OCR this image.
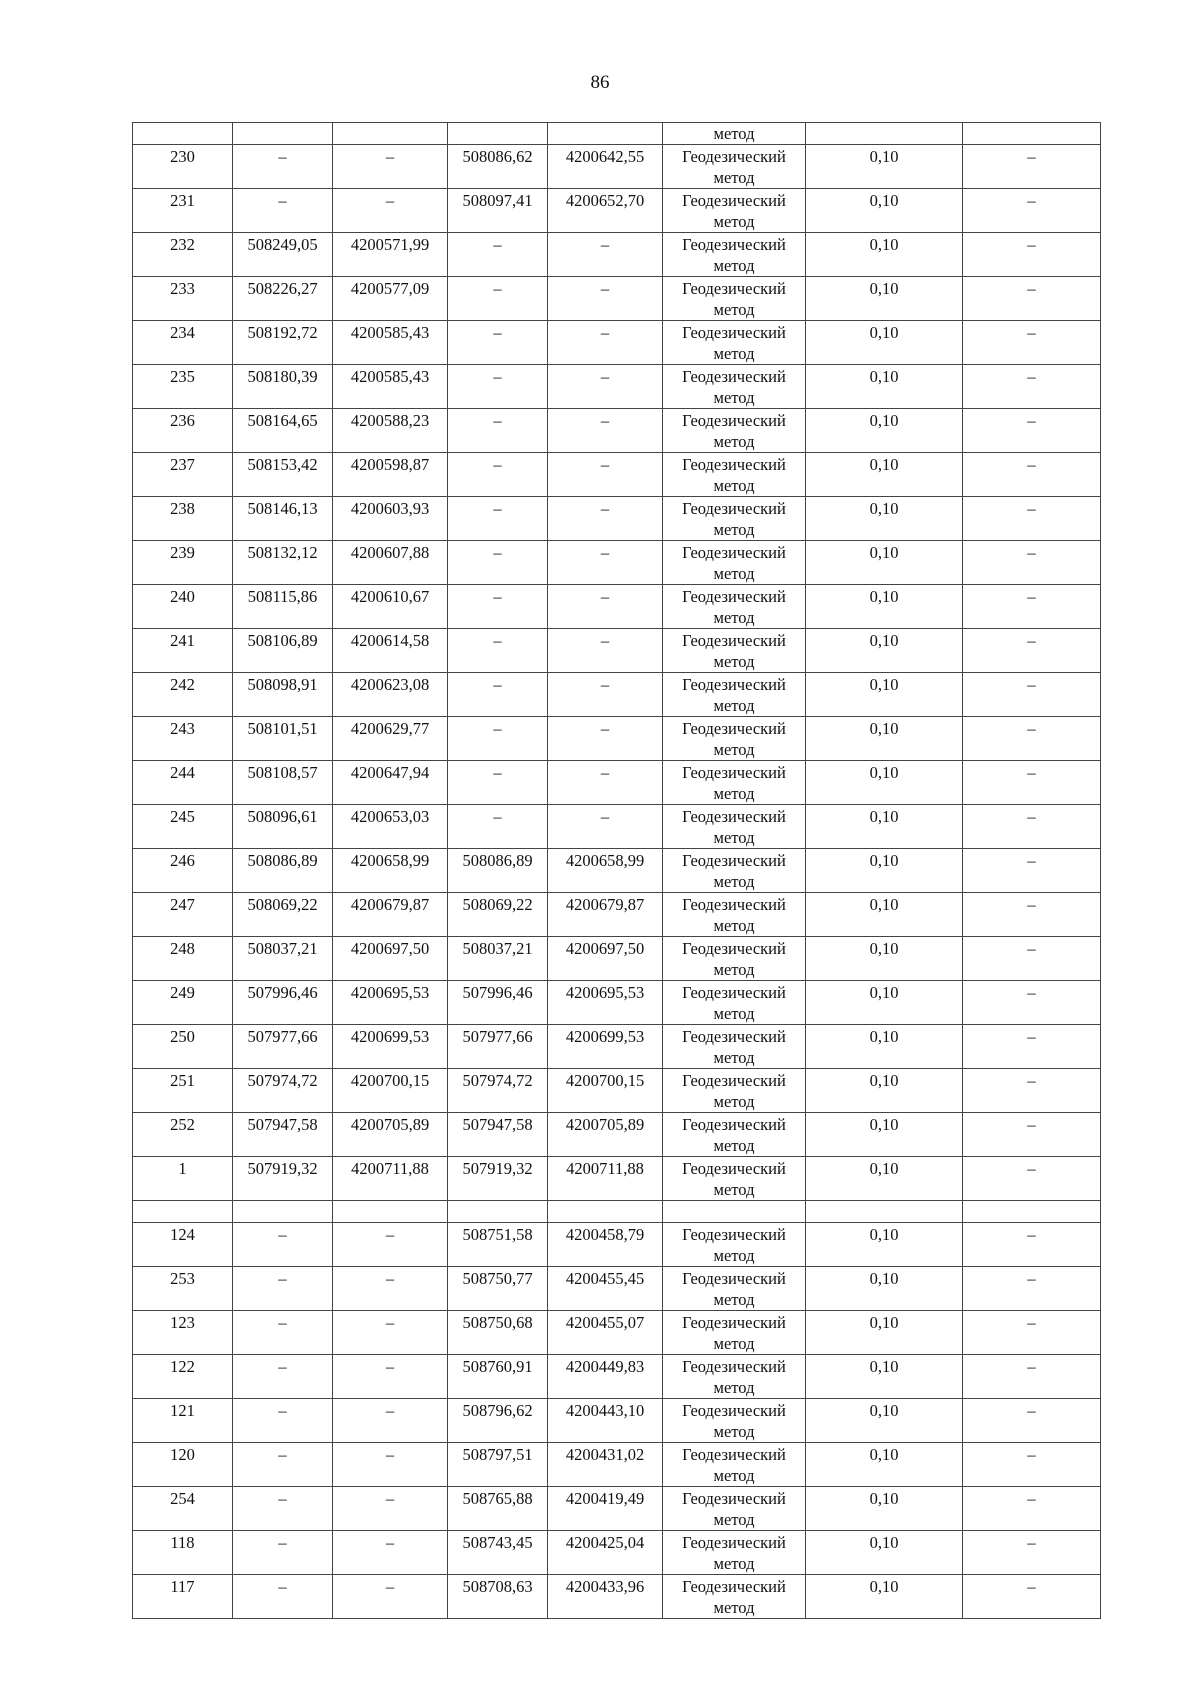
86

					метод		

230	–	–	508086,62	4200642,55	Геодезический
метод	0,10	–

231	–	–	508097,41	4200652,70	Геодезический
метод	0,10	–

232	508249,05	4200571,99	–	–	Геодезический
метод	0,10	–

233	508226,27	4200577,09	–	–	Геодезический
метод	0,10	–

234	508192,72	4200585,43	–	–	Геодезический
метод	0,10	–

235	508180,39	4200585,43	–	–	Геодезический
метод	0,10	–

236	508164,65	4200588,23	–	–	Геодезический
метод	0,10	–

237	508153,42	4200598,87	–	–	Геодезический
метод	0,10	–

238	508146,13	4200603,93	–	–	Геодезический
метод	0,10	–

239	508132,12	4200607,88	–	–	Геодезический
метод	0,10	–

240	508115,86	4200610,67	–	–	Геодезический
метод	0,10	–

241	508106,89	4200614,58	–	–	Геодезический
метод	0,10	–

242	508098,91	4200623,08	–	–	Геодезический
метод	0,10	–

243	508101,51	4200629,77	–	–	Геодезический
метод	0,10	–

244	508108,57	4200647,94	–	–	Геодезический
метод	0,10	–

245	508096,61	4200653,03	–	–	Геодезический
метод	0,10	–

246	508086,89	4200658,99	508086,89	4200658,99	Геодезический
метод	0,10	–

247	508069,22	4200679,87	508069,22	4200679,87	Геодезический
метод	0,10	–

248	508037,21	4200697,50	508037,21	4200697,50	Геодезический
метод	0,10	–

249	507996,46	4200695,53	507996,46	4200695,53	Геодезический
метод	0,10	–

250	507977,66	4200699,53	507977,66	4200699,53	Геодезический
метод	0,10	–

251	507974,72	4200700,15	507974,72	4200700,15	Геодезический
метод	0,10	–

252	507947,58	4200705,89	507947,58	4200705,89	Геодезический
метод	0,10	–

1	507919,32	4200711,88	507919,32	4200711,88	Геодезический
метод	0,10	–

124	–	–	508751,58	4200458,79	Геодезический
метод	0,10	–

253	–	–	508750,77	4200455,45	Геодезический
метод	0,10	–

123	–	–	508750,68	4200455,07	Геодезический
метод	0,10	–

122	–	–	508760,91	4200449,83	Геодезический
метод	0,10	–

121	–	–	508796,62	4200443,10	Геодезический
метод	0,10	–

120	–	–	508797,51	4200431,02	Геодезический
метод	0,10	–

254	–	–	508765,88	4200419,49	Геодезический
метод	0,10	–

118	–	–	508743,45	4200425,04	Геодезический
метод	0,10	–

117	–	–	508708,63	4200433,96	Геодезический
метод	0,10	–
